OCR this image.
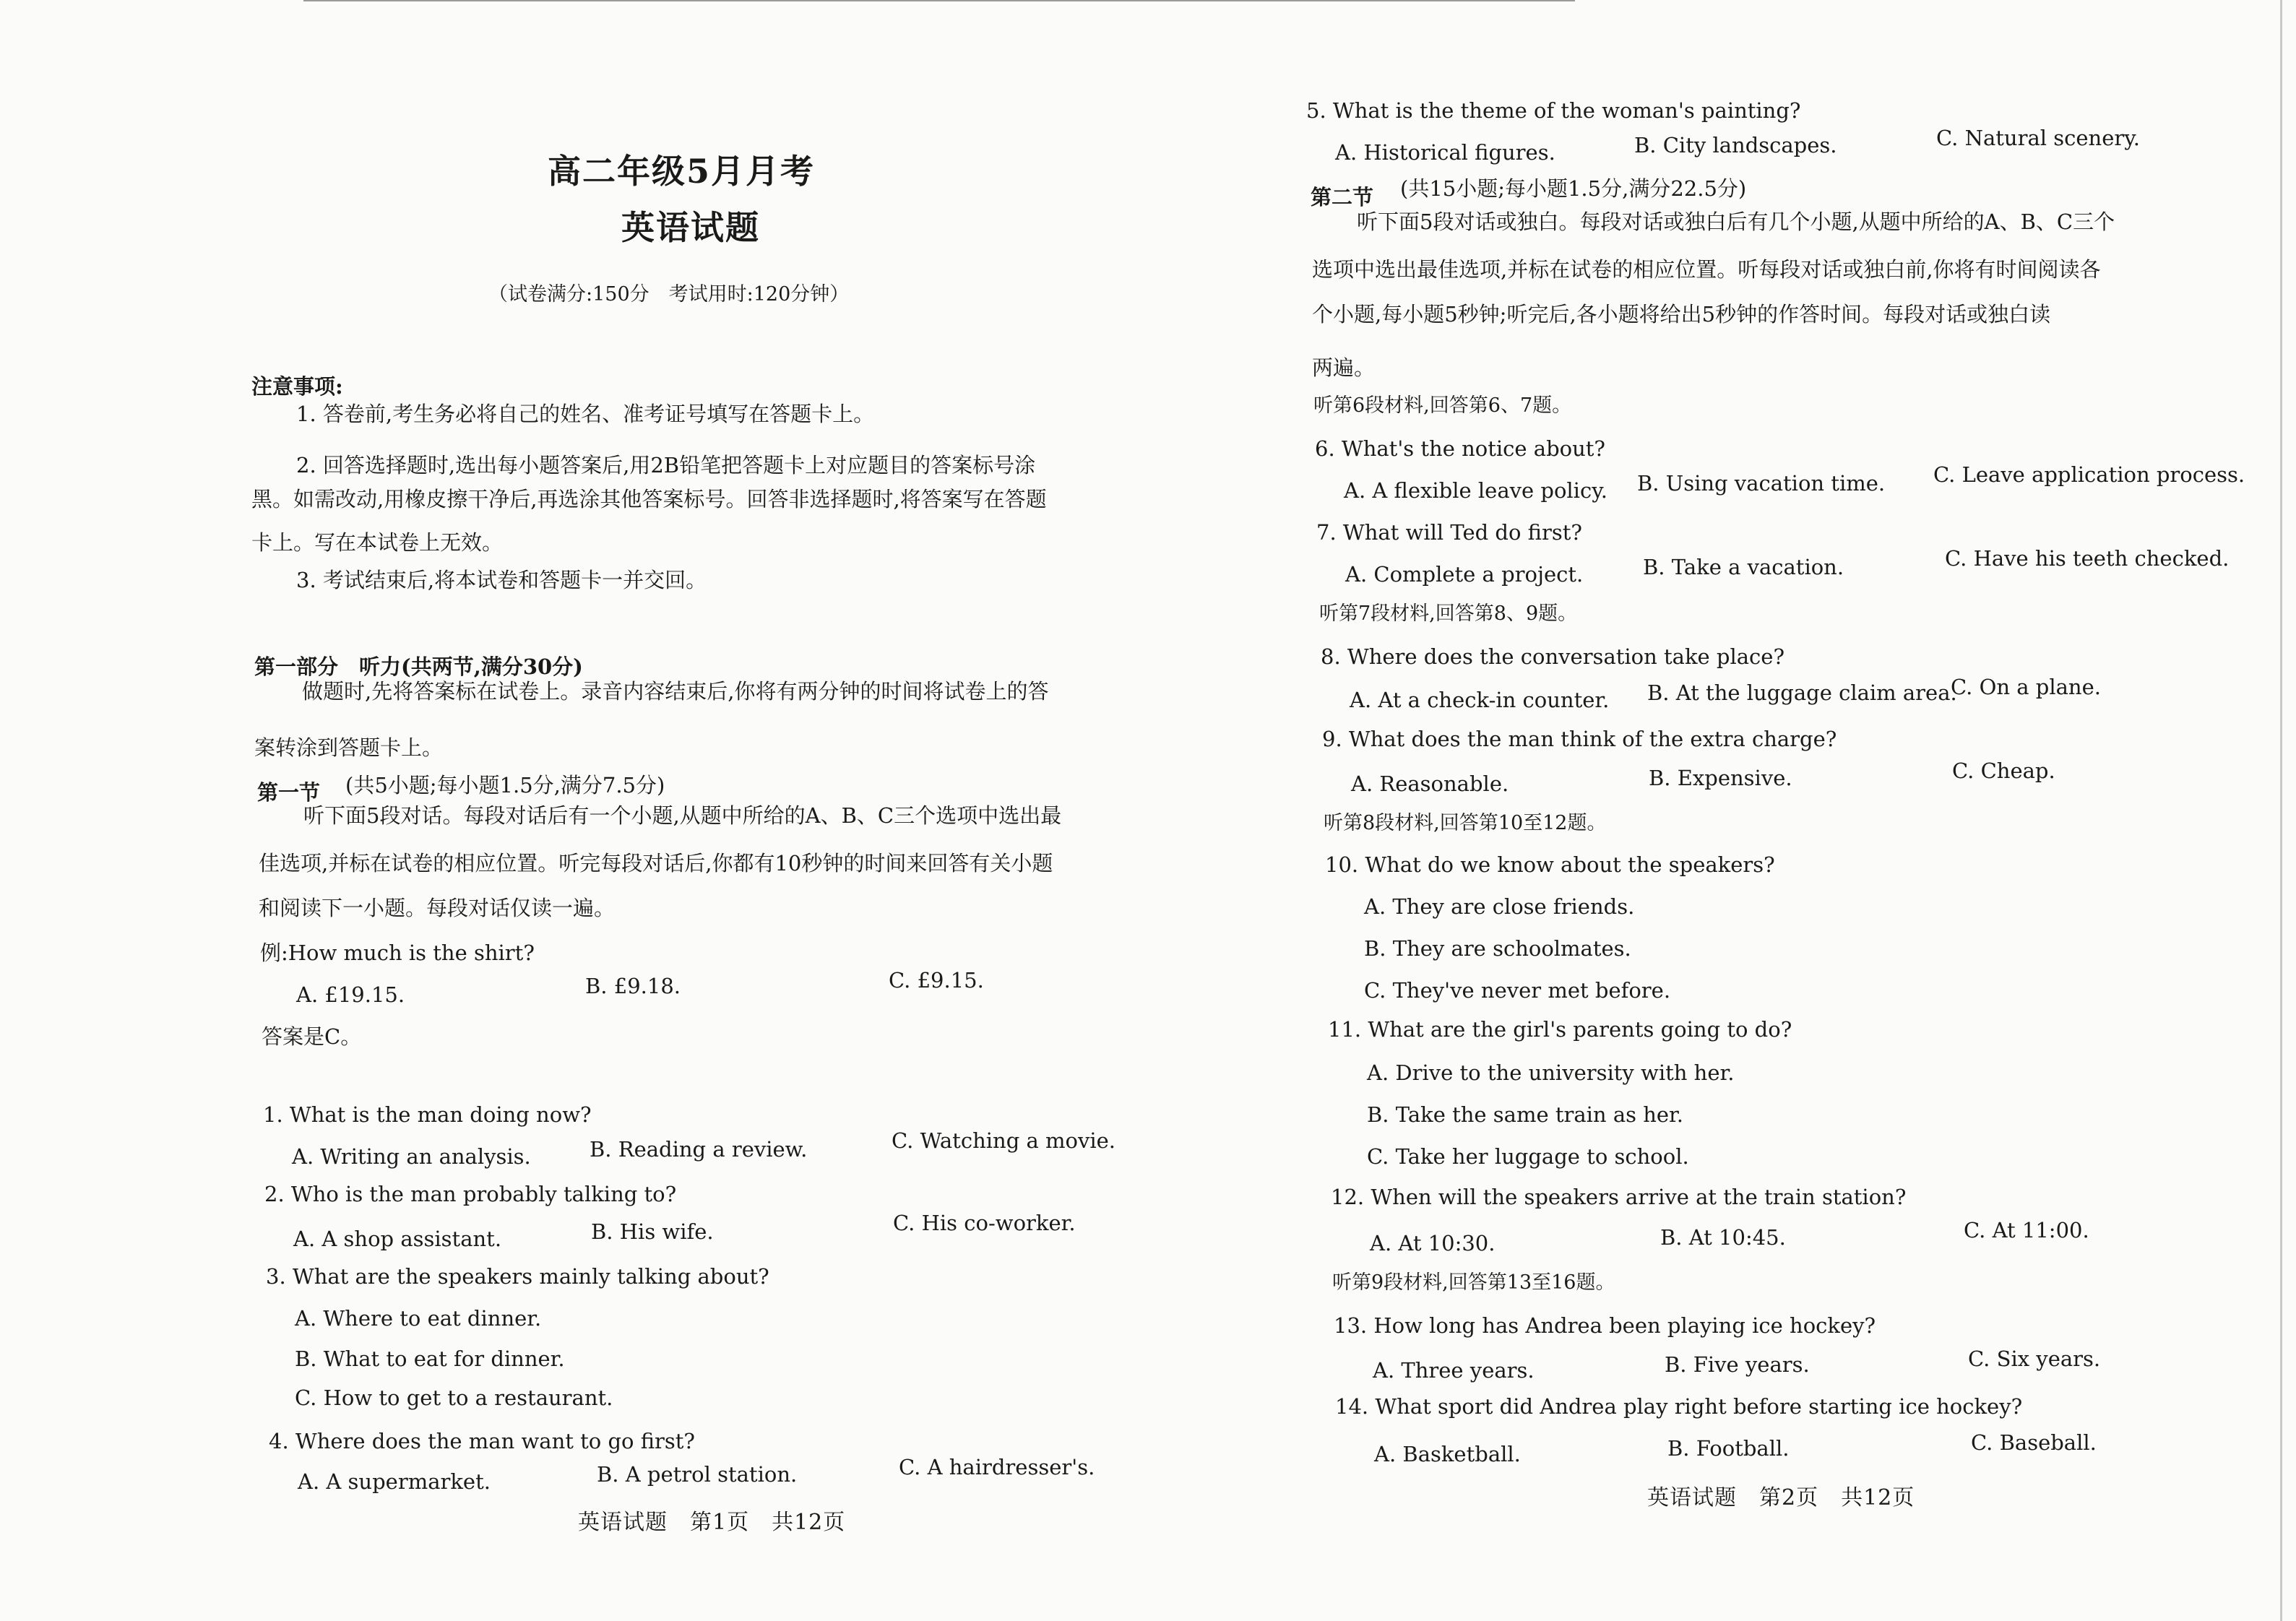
高二年级5月月考
英语试题
（试卷满分:150分　考试用时:120分钟）
注意事项:
1. 答卷前,考生务必将自己的姓名、准考证号填写在答题卡上。
2. 回答选择题时,选出每小题答案后,用2B铅笔把答题卡上对应题目的答案标号涂
黑。如需改动,用橡皮擦干净后,再选涂其他答案标号。回答非选择题时,将答案写在答题
卡上。写在本试卷上无效。
3. 考试结束后,将本试卷和答题卡一并交回。
第一部分　听力(共两节,满分30分)
做题时,先将答案标在试卷上。录音内容结束后,你将有两分钟的时间将试卷上的答
案转涂到答题卡上。
第一节 (共5小题;每小题1.5分,满分7.5分)
听下面5段对话。每段对话后有一个小题,从题中所给的A、B、C三个选项中选出最
佳选项,并标在试卷的相应位置。听完每段对话后,你都有10秒钟的时间来回答有关小题
和阅读下一小题。每段对话仅读一遍。
例:How much is the shirt?
A. £19.15.	B. £9.18.	C. £9.15.
答案是C。
1. What is the man doing now?
A. Writing an analysis.	B. Reading a review.	C. Watching a movie.
2. Who is the man probably talking to?
A. A shop assistant.	B. His wife.	C. His co-worker.
3. What are the speakers mainly talking about?
A. Where to eat dinner.
B. What to eat for dinner.
C. How to get to a restaurant.
4. Where does the man want to go first?
A. A supermarket.	B. A petrol station.	C. A hairdresser's.
英语试题　第1页　共12页
5. What is the theme of the woman's painting?
A. Historical figures.	B. City landscapes.	C. Natural scenery.
第二节 (共15小题;每小题1.5分,满分22.5分)
听下面5段对话或独白。每段对话或独白后有几个小题,从题中所给的A、B、C三个
选项中选出最佳选项,并标在试卷的相应位置。听每段对话或独白前,你将有时间阅读各
个小题,每小题5秒钟;听完后,各小题将给出5秒钟的作答时间。每段对话或独白读
两遍。
听第6段材料,回答第6、7题。
6. What's the notice about?
A. A flexible leave policy. B. Using vacation time. C. Leave application process.
7. What will Ted do first?
A. Complete a project.	B. Take a vacation.	C. Have his teeth checked.
听第7段材料,回答第8、9题。
8. Where does the conversation take place?
A. At a check-in counter. B. At the luggage claim area.
C. On a plane.
9. What does the man think of the extra charge?
A. Reasonable.	B. Expensive.	C. Cheap.
听第8段材料,回答第10至12题。
10. What do we know about the speakers?
A. They are close friends.
B. They are schoolmates.
C. They've never met before.
11. What are the girl's parents going to do?
A. Drive to the university with her.
B. Take the same train as her.
C. Take her luggage to school.
12. When will the speakers arrive at the train station?
A. At 10:30.	B. At 10:45.	C. At 11:00.
听第9段材料,回答第13至16题。
13. How long has Andrea been playing ice hockey?
A. Three years.	B. Five years.	C. Six years.
14. What sport did Andrea play right before starting ice hockey?
A. Basketball.	B. Football.	C. Baseball.
英语试题　第2页　共12页
